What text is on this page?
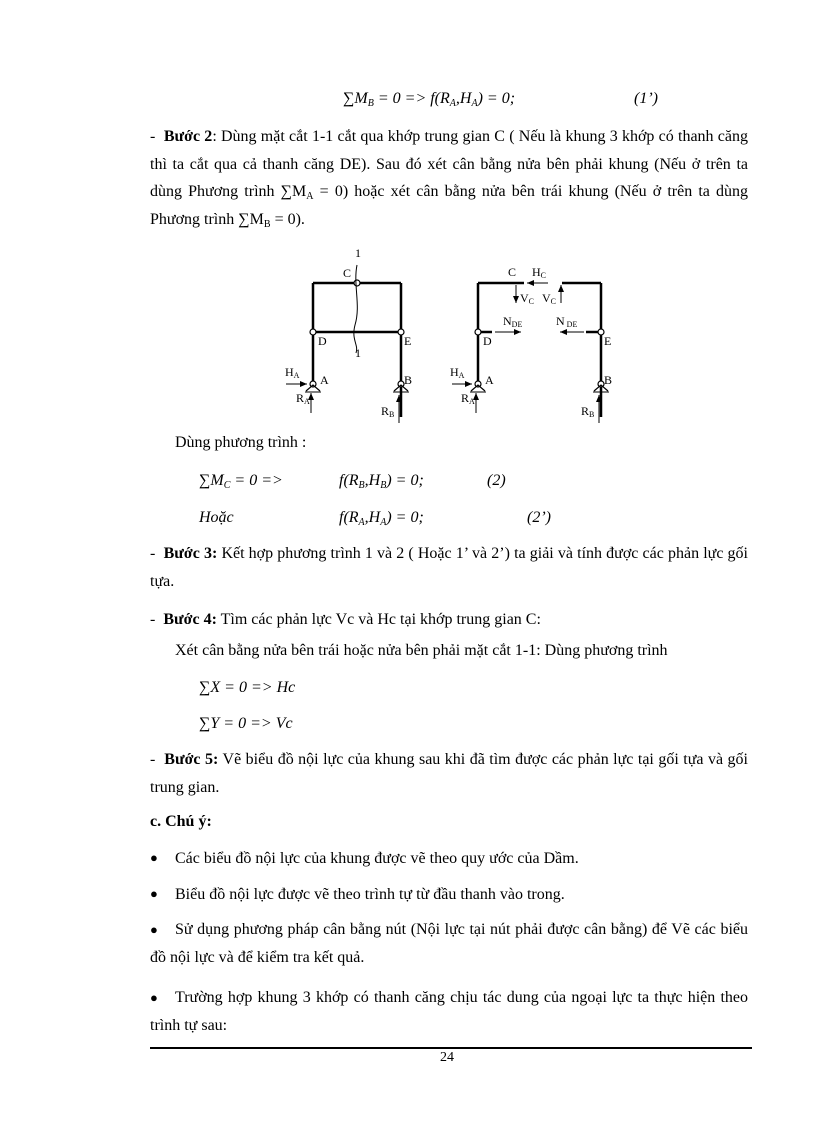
$\sum M_B = 0 => f(R_A,H_A) = 0$;	(1’)
- Bước 2: Dùng mặt cắt 1-1 cắt qua khớp trung gian C ( Nếu là khung 3 khớp có thanh căng thì ta cắt qua cả thanh căng DE). Sau đó xét cân bằng nửa bên phải khung (Nếu ở trên ta dùng Phương trình $\sum M_A = 0$) hoặc xét cân bằng nửa bên trái khung (Nếu ở trên ta dùng Phương trình $\sum M_B = 0$).
1
1
C
D	E
A	B
HA
RA
RB
C HC
VC VC
NDE	NDE
D	E
A	B
HA
RA
RB
Dùng phương trình :
$\sum M_C = 0$ =>	$f(R_B,H_B) = 0$;	(2)
Hoặc	$f(R_A,H_A) = 0$;	(2’)
- Bước 3: Kết hợp phương trình 1 và 2 ( Hoặc 1’ và 2’) ta giải và tính được các phản lực gối tựa.
- Bước 4: Tìm các phản lực Vc và Hc tại khớp trung gian C:
Xét cân bằng nửa bên trái hoặc nửa bên phải mặt cắt 1-1: Dùng phương trình
∑X = 0 => Hc
∑Y = 0 => Vc
- Bước 5: Vẽ biểu đồ nội lực của khung sau khi đã tìm được các phản lực tại gối tựa và gối trung gian.
c. Chú ý:
● Các biểu đồ nội lực của khung được vẽ theo quy ước của Dầm.
● Biểu đồ nội lực được vẽ theo trình tự từ đầu thanh vào trong.
●	Sử dụng phương pháp cân bằng nút (Nội lực tại nút phải được cân bằng) để Vẽ các biểu đồ nội lực và để kiểm tra kết quả.
●	Trường hợp khung 3 khớp có thanh căng chịu tác dung của ngoại lực ta thực hiện theo trình tự sau:
24
